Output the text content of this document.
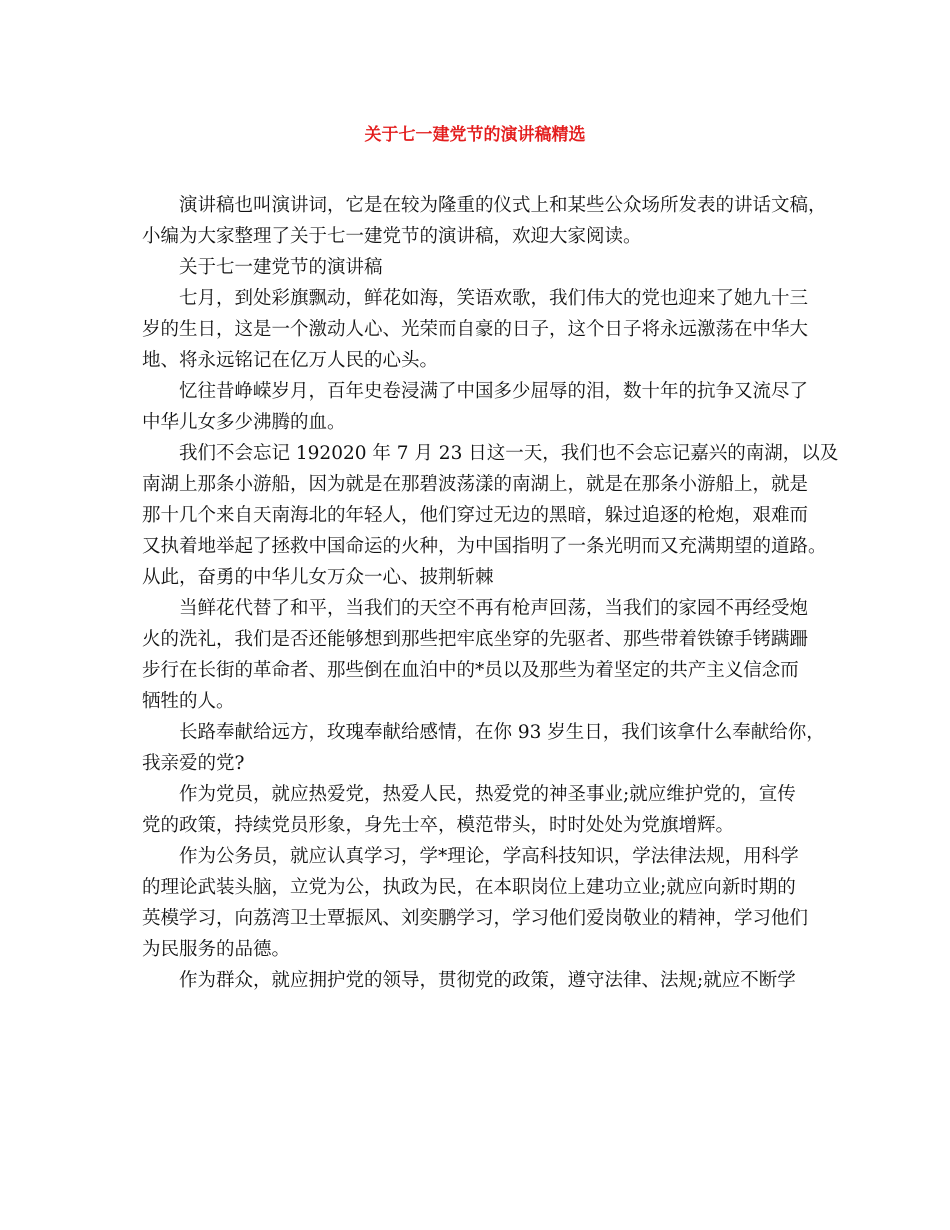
关于七一建党节的演讲稿精选

演讲稿也叫演讲词，它是在较为隆重的仪式上和某些公众场所发表的讲话文稿，
小编为大家整理了关于七一建党节的演讲稿，欢迎大家阅读。

关于七一建党节的演讲稿

七月，到处彩旗飘动，鲜花如海，笑语欢歌，我们伟大的党也迎来了她九十三
岁的生日，这是一个激动人心、光荣而自豪的日子，这个日子将永远激荡在中华大
地、将永远铭记在亿万人民的心头。

忆往昔峥嵘岁月，百年史卷浸满了中国多少屈辱的泪，数十年的抗争又流尽了
中华儿女多少沸腾的血。

我们不会忘记 192020 年 7 月 23 日这一天，我们也不会忘记嘉兴的南湖，以及
南湖上那条小游船，因为就是在那碧波荡漾的南湖上，就是在那条小游船上，就是
那十几个来自天南海北的年轻人，他们穿过无边的黑暗，躲过追逐的枪炮，艰难而
又执着地举起了拯救中国命运的火种，为中国指明了一条光明而又充满期望的道路。
从此，奋勇的中华儿女万众一心、披荆斩棘

当鲜花代替了和平，当我们的天空不再有枪声回荡，当我们的家园不再经受炮
火的洗礼，我们是否还能够想到那些把牢底坐穿的先驱者、那些带着铁镣手铐蹒跚
步行在长街的革命者、那些倒在血泊中的*员以及那些为着坚定的共产主义信念而
牺牲的人。

长路奉献给远方，玫瑰奉献给感情，在你 93 岁生日，我们该拿什么奉献给你，
我亲爱的党?

作为党员，就应热爱党，热爱人民，热爱党的神圣事业;就应维护党的，宣传
党的政策，持续党员形象，身先士卒，模范带头，时时处处为党旗增辉。

作为公务员，就应认真学习，学*理论，学高科技知识，学法律法规，用科学
的理论武装头脑，立党为公，执政为民，在本职岗位上建功立业;就应向新时期的
英模学习，向荔湾卫士覃振风、刘奕鹏学习，学习他们爱岗敬业的精神，学习他们
为民服务的品德。

作为群众，就应拥护党的领导，贯彻党的政策，遵守法律、法规;就应不断学
